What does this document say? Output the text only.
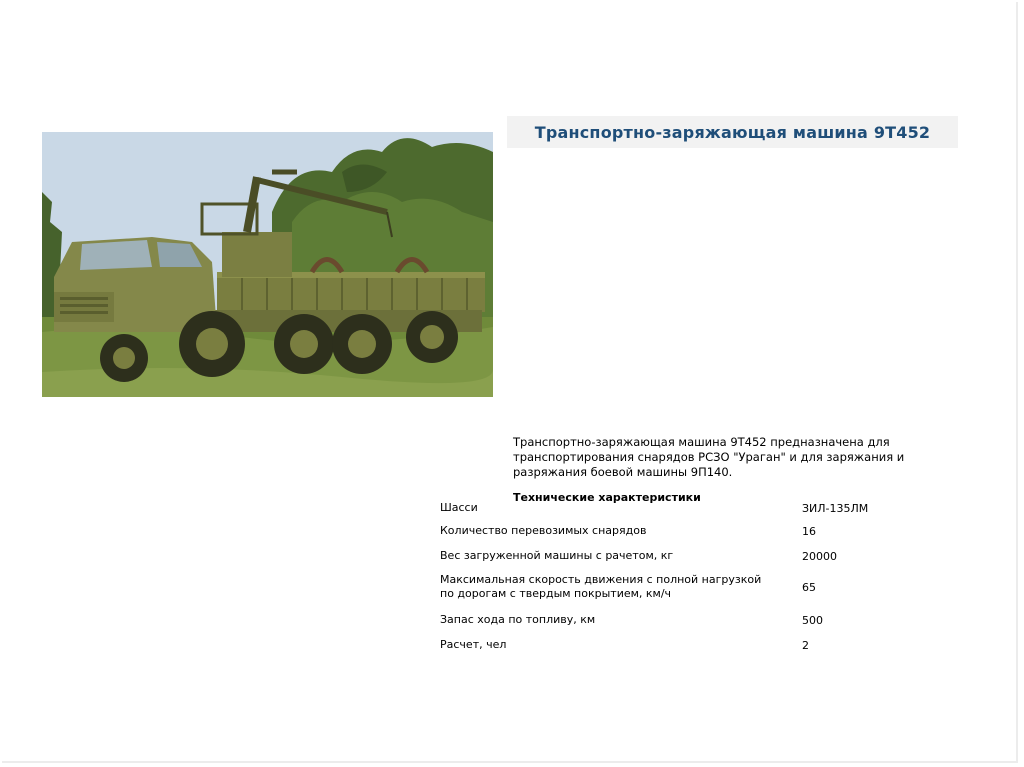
Транспортно-заряжающая машина 9Т452

Транспортно-заряжающая машина 9Т452 предназначена для транспортирования снарядов РСЗО "Ураган" и для заряжания и разряжания боевой машины 9П140.

Технические характеристики
Шасси	ЗИЛ-135ЛМ
Количество перевозимых снарядов	16
Вес загруженной машины с рачетом, кг	20000
Максимальная скорость движения с полной нагрузкой
по дорогам с твердым покрытием, км/ч	65
Запас хода по топливу, км	500
Расчет, чел	2
